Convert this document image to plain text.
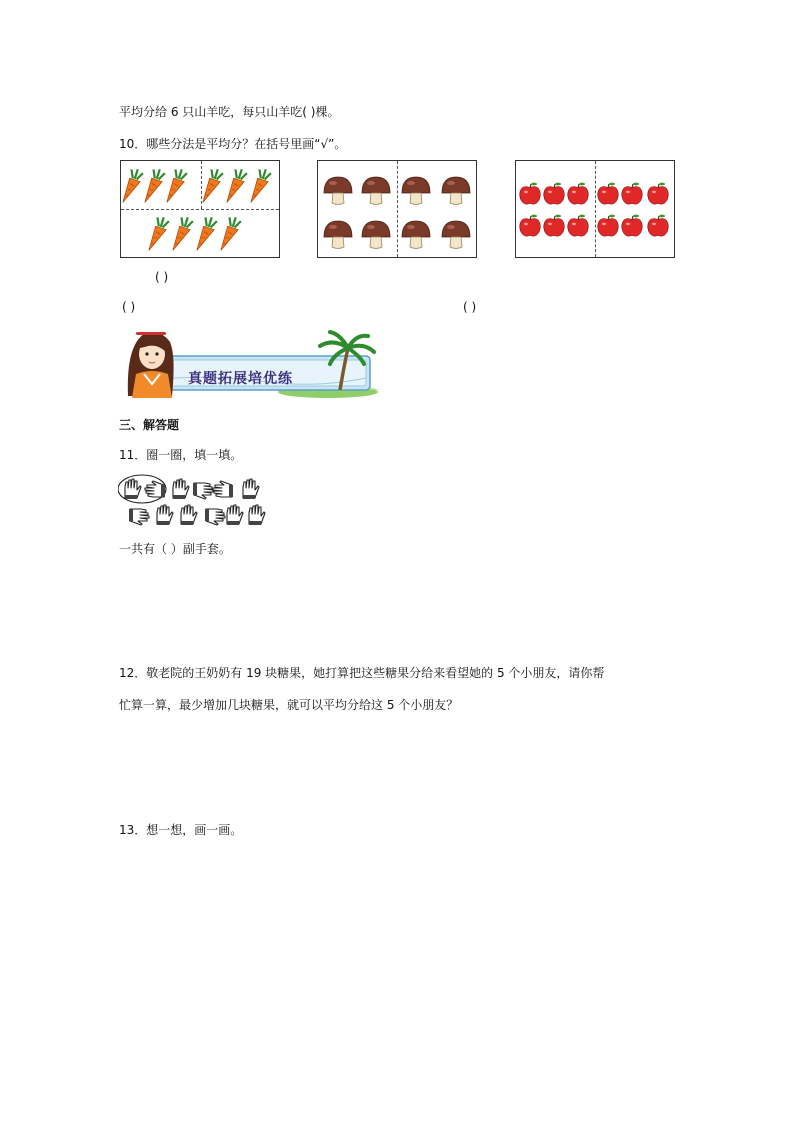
平均分给 6 只山羊吃，每只山羊吃( )棵。
10．哪些分法是平均分？在括号里画“√”。
( )
( )	( )
真题拓展培优练
三、解答题
11．圈一圈，填一填。
一共有（ ）副手套。
12．敬老院的王奶奶有 19 块糖果，她打算把这些糖果分给来看望她的 5 个小朋友，请你帮
忙算一算，最少增加几块糖果，就可以平均分给这 5 个小朋友？
13．想一想，画一画。
